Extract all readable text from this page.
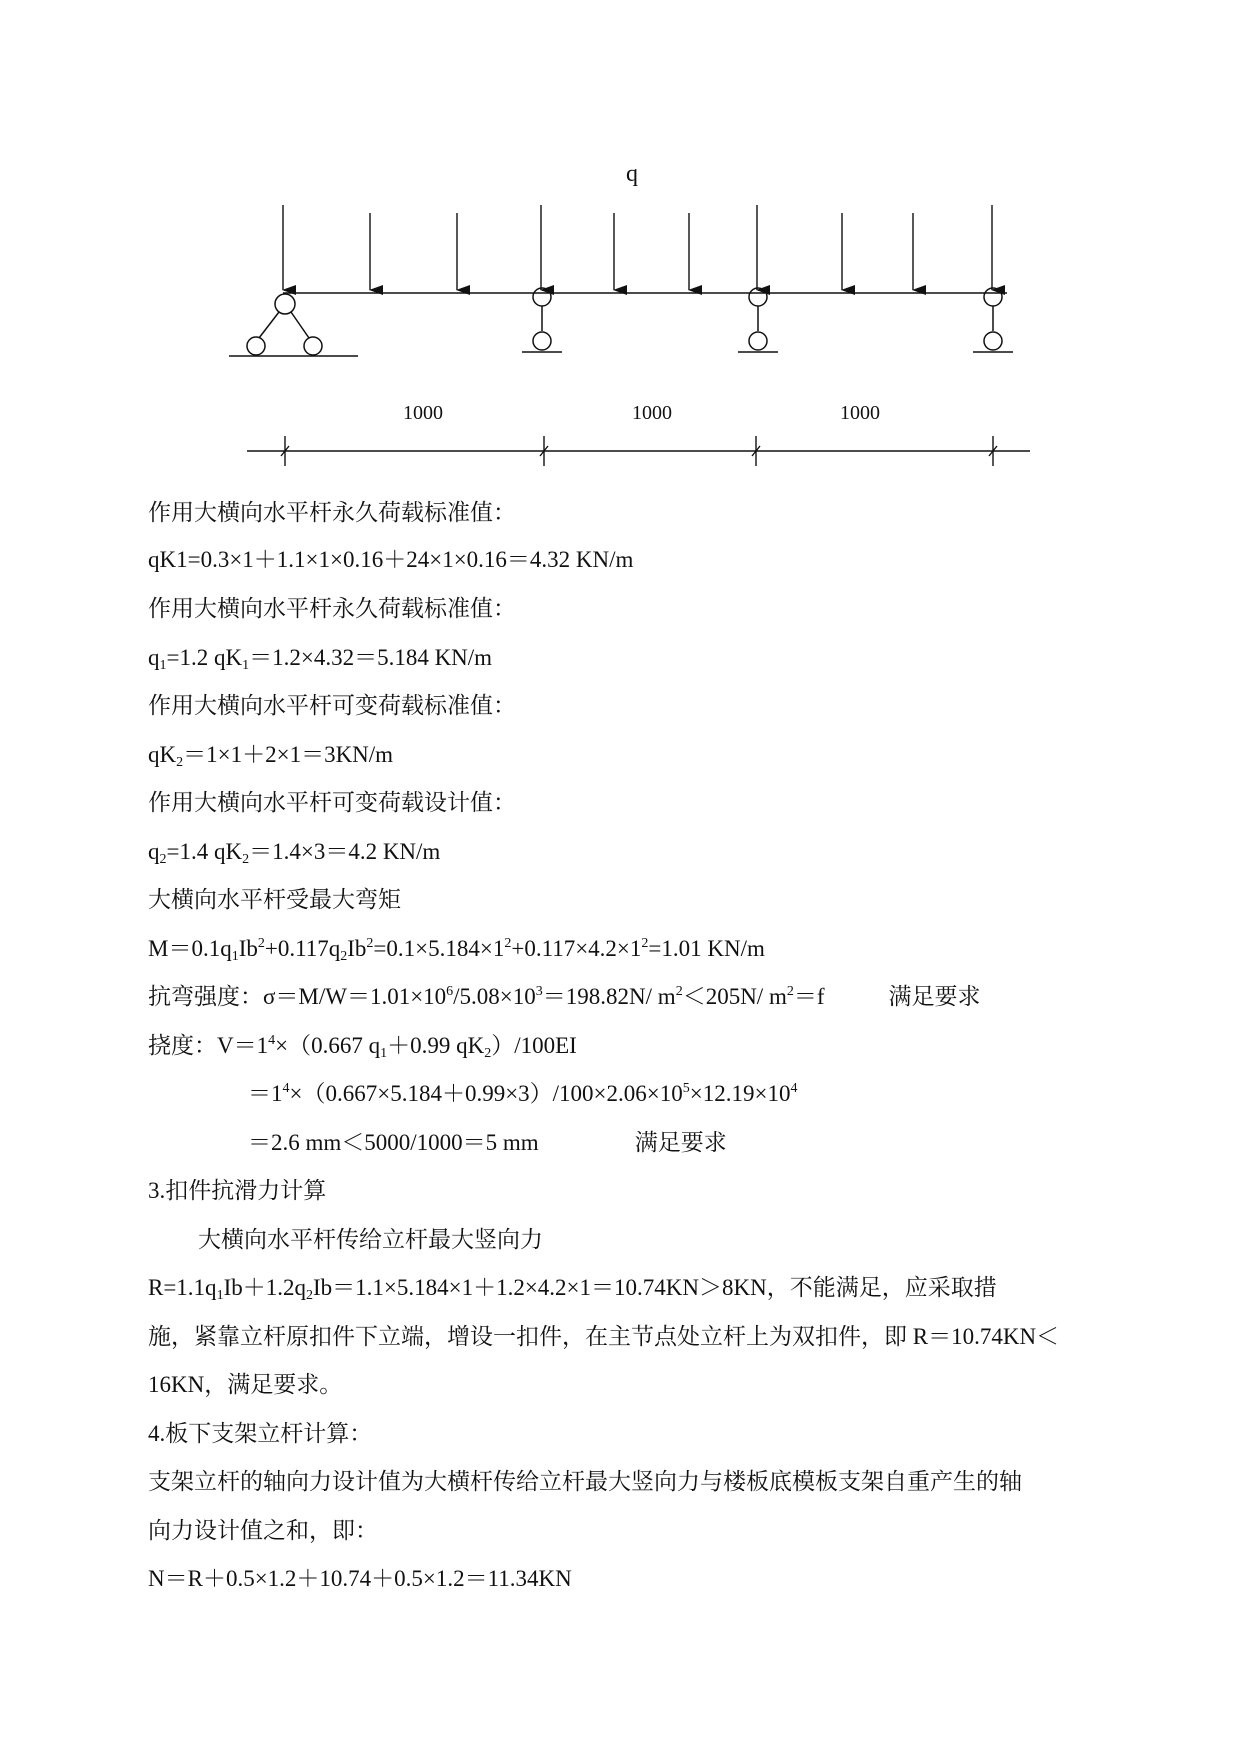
q
1000	1000	1000
作用大横向水平杆永久荷载标准值：
qK1=0.3×1＋1.1×1×0.16＋24×1×0.16＝4.32 KN/m
作用大横向水平杆永久荷载标准值：
$q_1=1.2$ $qK_1=1.2\times 4.32=5.184$ KN/m
作用大横向水平杆可变荷载标准值：
$qK_2=1\times 1+2\times 1=3KN/m$
作用大横向水平杆可变荷载设计值：
$q_2=1.4$ $qK_2=1.4\times 3=4.2$ KN/m
大横向水平杆受最大弯矩
$M=0.1q_1Ib^2+0.117q_2Ib^2=0.1\times 5.184\times 1^2+0.117\times 4.2\times 1^2=1.01$ KN/m
抗弯强度：$\sigma=M/W=1.01\times 10^6/5.08\times 10^3=198.82N/$ $m^2<205N/$ $m^2=f$	满足要求
挠度：$V=1^4\times(0.667$ $q_1+0.99$ $qK_2)/100EI$
$=1^4\times(0.667\times 5.184+0.99\times 3)/100\times 2.06\times 10^5\times 12.19\times 10^4$
＝2.6 mm＜5000/1000＝5 mm	满足要求
3.扣件抗滑力计算
大横向水平杆传给立杆最大竖向力
$R=1.1q_1Ib+1.2q_2Ib=1.1\times 5.184\times 1+1.2\times 4.2\times 1=10.74KN>8KN$，不能满足，应采取措
施，紧靠立杆原扣件下立端，增设一扣件，在主节点处立杆上为双扣件，即 R＝10.74KN＜
16KN，满足要求。
4.板下支架立杆计算：
支架立杆的轴向力设计值为大横杆传给立杆最大竖向力与楼板底模板支架自重产生的轴
向力设计值之和，即：
N＝R＋0.5×1.2＋10.74＋0.5×1.2＝11.34KN
